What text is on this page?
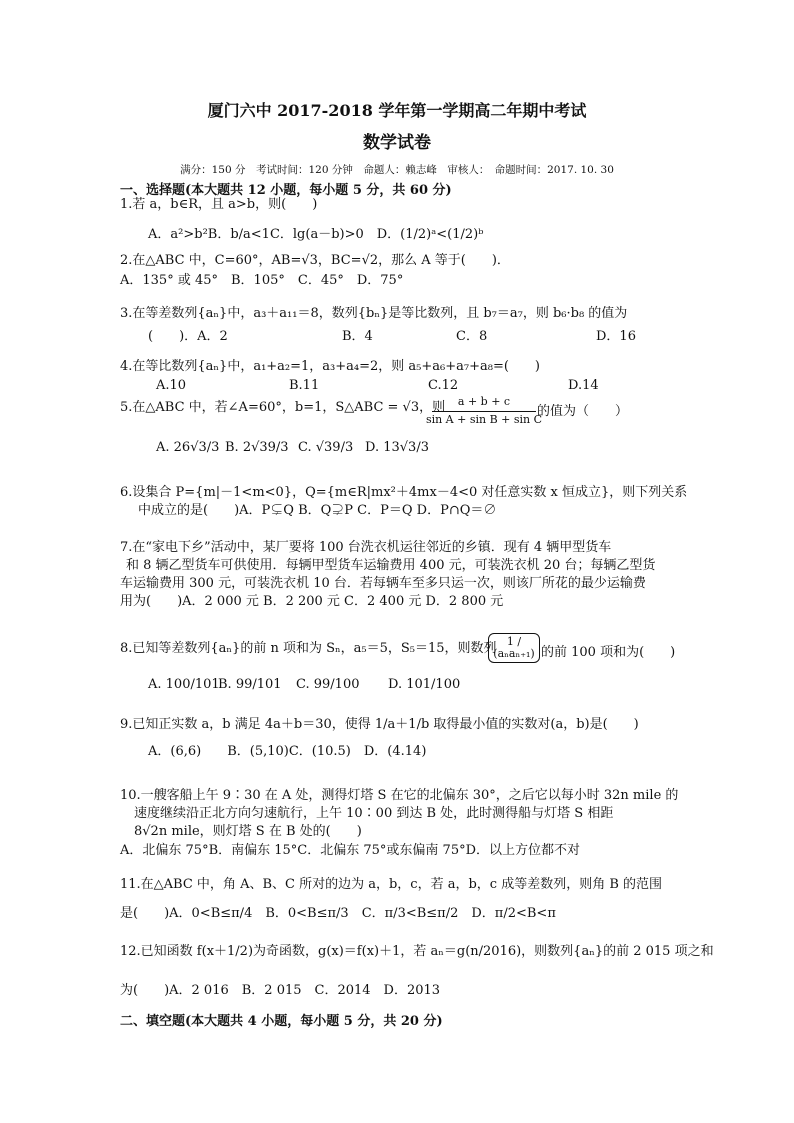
厦门六中 2017-2018 学年第一学期高二年期中考试
数学试卷
满分：150 分　考试时间：120 分钟　命题人：赖志峰　审核人：　命题时间：2017. 10. 30
一、选择题(本大题共 12 小题，每小题 5 分，共 60 分)
1.若 a，b∈R，且 a>b，则(　　)
A．a²>b²B．b/a<1C．lg(a－b)>0　D．(1/2)ᵃ<(1/2)ᵇ
2.在△ABC 中，C=60°，AB=√3，BC=√2，那么 A 等于(　　)．
A．135° 或 45°　B．105°　C．45°　D．75°
3.在等差数列{aₙ}中，a₃＋a₁₁＝8，数列{bₙ}是等比数列，且 b₇＝a₇，则 b₆·b₈ 的值为
(　　)．A．2	B．4	C．8	D．16
4.在等比数列{aₙ}中，a₁+a₂=1，a₃+a₄=2，则 a₅+a₆+a₇+a₈=(　　)
A.10	B.11	C.12	D.14
5.在△ABC 中，若∠A=60°，b=1，S△ABC = √3，则	a + b + c
sin A + sin B + sin C
的值为（　　）
A. 26√3/3 B. 2√39/3 C. √39/3 D. 13√3/3
6.设集合 P={m|－1<m<0}，Q={m∈R|mx²＋4mx－4<0 对任意实数 x 恒成立}，则下列关系
中成立的是(　　)A．P⊊Q B．Q⊋P C．P＝Q D．P∩Q＝∅
7.在“家电下乡”活动中，某厂要将 100 台洗衣机运往邻近的乡镇．现有 4 辆甲型货车
和 8 辆乙型货车可供使用．每辆甲型货车运输费用 400 元，可装洗衣机 20 台；每辆乙型货
车运输费用 300 元，可装洗衣机 10 台．若每辆车至多只运一次，则该厂所花的最少运输费
用为(　　)A．2 000 元 B．2 200 元 C．2 400 元 D．2 800 元
8.已知等差数列{aₙ}的前 n 项和为 Sₙ，a₅＝5，S₅＝15，则数列 1 / (aₙaₙ₊₁) 的前 100 项和为(　　)
A. 100/101
B. 99/101 C. 99/100 D. 101/100
9.已知正实数 a，b 满足 4a＋b＝30，使得 1/a＋1/b 取得最小值的实数对(a，b)是(　　)
A．(6,6)　　B．(5,10)C．(10.5)　D．(4.14)
10.一艘客船上午 9∶30 在 A 处，测得灯塔 S 在它的北偏东 30°，之后它以每小时 32n mile 的
速度继续沿正北方向匀速航行，上午 10∶00 到达 B 处，此时测得船与灯塔 S 相距
8√2n mile，则灯塔 S 在 B 处的(　　)
A．北偏东 75°B．南偏东 15°C．北偏东 75°或东偏南 75°D．以上方位都不对
11.在△ABC 中，角 A、B、C 所对的边为 a，b，c，若 a，b，c 成等差数列，则角 B 的范围
是(　　)A．0<B≤π/4　B．0<B≤π/3　C．π/3<B≤π/2　D．π/2<B<π
12.已知函数 f(x＋1/2)为奇函数，g(x)＝f(x)＋1，若 aₙ＝g(n/2016)，则数列{aₙ}的前 2 015 项之和
为(　　)A．2 016　B．2 015　C．2014　D．2013
二、填空题(本大题共 4 小题，每小题 5 分，共 20 分)
